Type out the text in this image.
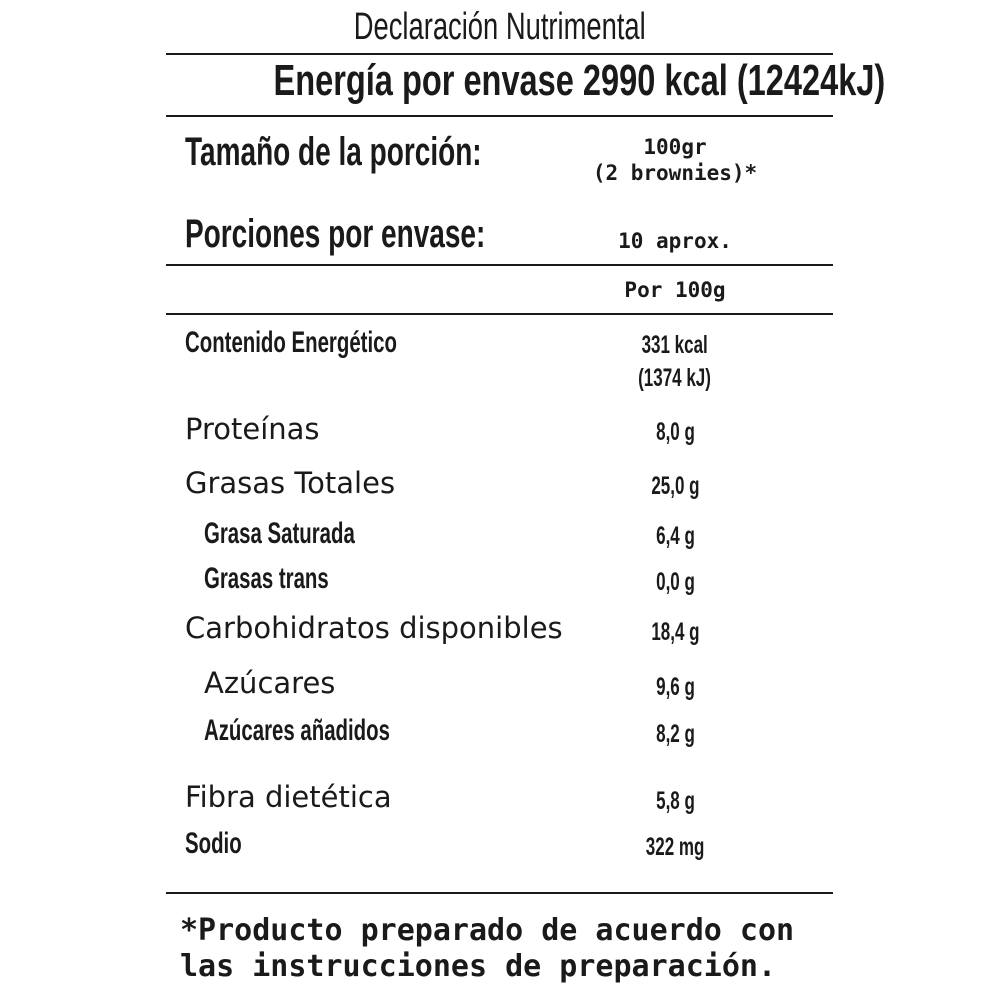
Declaración Nutrimental
Energía por envase 2990 kcal (12424kJ)
Tamaño de la porción:	100gr
(2 brownies)*
Porciones por envase:	10 aprox.
Por 100g
Contenido Energético	331 kcal
(1374 kJ)
Proteínas	8,0 g
Grasas Totales	25,0 g
Grasa Saturada	6,4 g
Grasas trans	0,0 g
Carbohidratos disponibles	18,4 g
Azúcares	9,6 g
Azúcares añadidos	8,2 g
Fibra dietética	5,8 g
Sodio	322 mg
*Producto preparado de acuerdo con las instrucciones de preparación.
